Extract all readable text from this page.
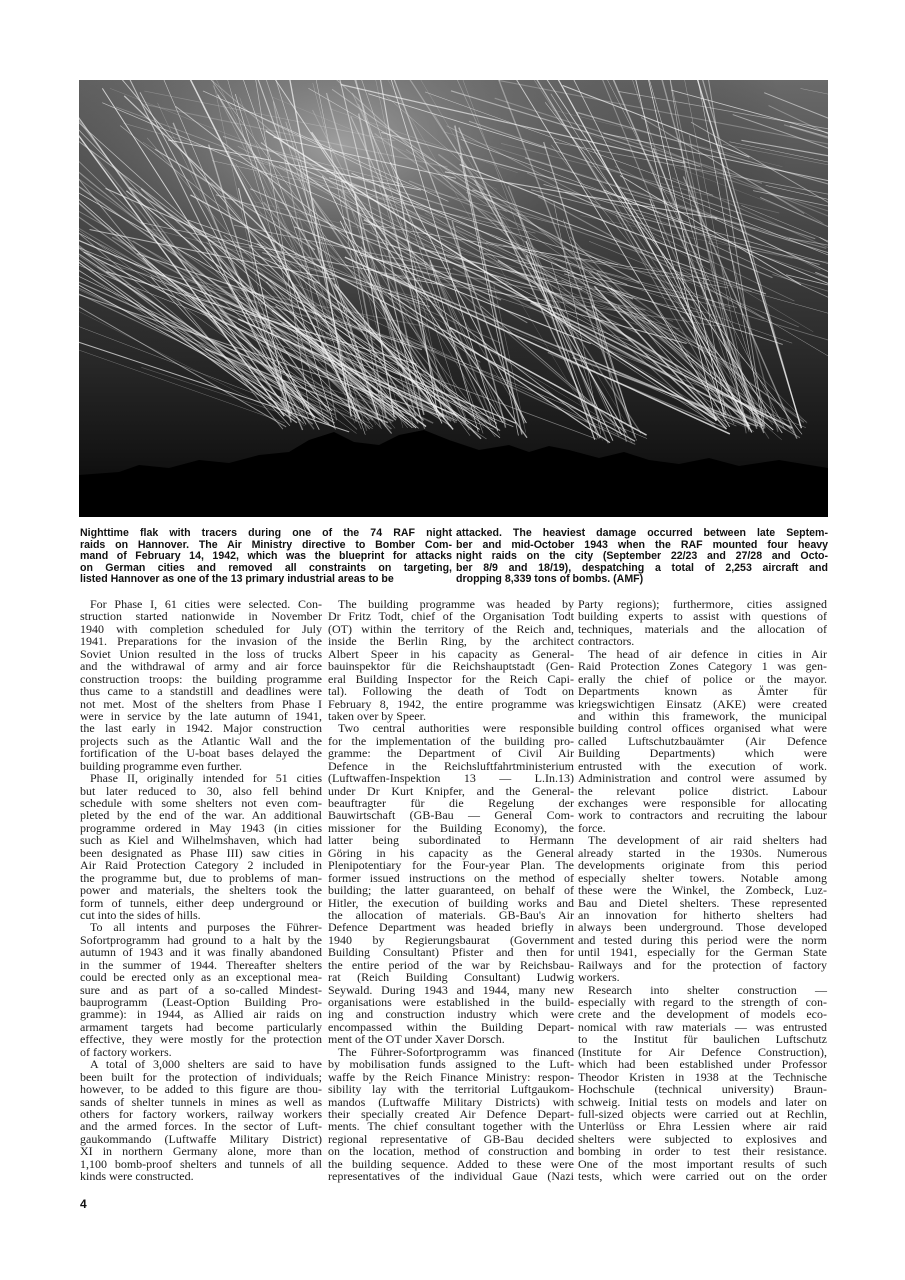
Nighttime flak with tracers during one of the 74 RAF night
raids on Hannover. The Air Ministry directive to Bomber Com-
mand of February 14, 1942, which was the blueprint for attacks
on German cities and removed all constraints on targeting,
listed Hannover as one of the 13 primary industrial areas to be
attacked. The heaviest damage occurred between late Septem-
ber and mid-October 1943 when the RAF mounted four heavy
night raids on the city (September 22/23 and 27/28 and Octo-
ber 8/9 and 18/19), despatching a total of 2,253 aircraft and
dropping 8,339 tons of bombs. (AMF)
For Phase I, 61 cities were selected. Con-
struction started nationwide in November
1940 with completion scheduled for July
1941. Preparations for the invasion of the
Soviet Union resulted in the loss of trucks
and the withdrawal of army and air force
construction troops: the building programme
thus came to a standstill and deadlines were
not met. Most of the shelters from Phase I
were in service by the late autumn of 1941,
the last early in 1942. Major construction
projects such as the Atlantic Wall and the
fortification of the U-boat bases delayed the
building programme even further.
Phase II, originally intended for 51 cities
but later reduced to 30, also fell behind
schedule with some shelters not even com-
pleted by the end of the war. An additional
programme ordered in May 1943 (in cities
such as Kiel and Wilhelmshaven, which had
been designated as Phase III) saw cities in
Air Raid Protection Category 2 included in
the programme but, due to problems of man-
power and materials, the shelters took the
form of tunnels, either deep underground or
cut into the sides of hills.
To all intents and purposes the Führer-
Sofortprogramm had ground to a halt by the
autumn of 1943 and it was finally abandoned
in the summer of 1944. Thereafter shelters
could be erected only as an exceptional mea-
sure and as part of a so-called Mindest-
bauprogramm (Least-Option Building Pro-
gramme): in 1944, as Allied air raids on
armament targets had become particularly
effective, they were mostly for the protection
of factory workers.
A total of 3,000 shelters are said to have
been built for the protection of individuals;
however, to be added to this figure are thou-
sands of shelter tunnels in mines as well as
others for factory workers, railway workers
and the armed forces. In the sector of Luft-
gaukommando (Luftwaffe Military District)
XI in northern Germany alone, more than
1,100 bomb-proof shelters and tunnels of all
kinds were constructed.
The building programme was headed by
Dr Fritz Todt, chief of the Organisation Todt
(OT) within the territory of the Reich and,
inside the Berlin Ring, by the architect
Albert Speer in his capacity as General-
bauinspektor für die Reichshauptstadt (Gen-
eral Building Inspector for the Reich Capi-
tal). Following the death of Todt on
February 8, 1942, the entire programme was
taken over by Speer.
Two central authorities were responsible
for the implementation of the building pro-
gramme: the Department of Civil Air
Defence in the Reichsluftfahrtministerium
(Luftwaffen-Inspektion 13 — L.In.13)
under Dr Kurt Knipfer, and the General-
beauftragter für die Regelung der
Bauwirtschaft (GB-Bau — General Com-
missioner for the Building Economy), the
latter being subordinated to Hermann
Göring in his capacity as the General
Plenipotentiary for the Four-year Plan. The
former issued instructions on the method of
building; the latter guaranteed, on behalf of
Hitler, the execution of building works and
the allocation of materials. GB-Bau's Air
Defence Department was headed briefly in
1940 by Regierungsbaurat (Government
Building Consultant) Pfister and then for
the entire period of the war by Reichsbau-
rat (Reich Building Consultant) Ludwig
Seywald. During 1943 and 1944, many new
organisations were established in the build-
ing and construction industry which were
encompassed within the Building Depart-
ment of the OT under Xaver Dorsch.
The Führer-Sofortprogramm was financed
by mobilisation funds assigned to the Luft-
waffe by the Reich Finance Ministry: respon-
sibility lay with the territorial Luftgaukom-
mandos (Luftwaffe Military Districts) with
their specially created Air Defence Depart-
ments. The chief consultant together with the
regional representative of GB-Bau decided
on the location, method of construction and
the building sequence. Added to these were
representatives of the individual Gaue (Nazi
Party regions); furthermore, cities assigned
building experts to assist with questions of
techniques, materials and the allocation of
contractors.
The head of air defence in cities in Air
Raid Protection Zones Category 1 was gen-
erally the chief of police or the mayor.
Departments known as Ämter für
kriegswichtigen Einsatz (AKE) were created
and within this framework, the municipal
building control offices organised what were
called Luftschutzbauämter (Air Defence
Building Departments) which were
entrusted with the execution of work.
Administration and control were assumed by
the relevant police district. Labour
exchanges were responsible for allocating
work to contractors and recruiting the labour
force.
The development of air raid shelters had
already started in the 1930s. Numerous
developments originate from this period
especially shelter towers. Notable among
these were the Winkel, the Zombeck, Luz-
Bau and Dietel shelters. These represented
an innovation for hitherto shelters had
always been underground. Those developed
and tested during this period were the norm
until 1941, especially for the German State
Railways and for the protection of factory
workers.
Research into shelter construction —
especially with regard to the strength of con-
crete and the development of models eco-
nomical with raw materials — was entrusted
to the Institut für baulichen Luftschutz
(Institute for Air Defence Construction),
which had been established under Professor
Theodor Kristen in 1938 at the Technische
Hochschule (technical university) Braun-
schweig. Initial tests on models and later on
full-sized objects were carried out at Rechlin,
Unterlüss or Ehra Lessien where air raid
shelters were subjected to explosives and
bombing in order to test their resistance.
One of the most important results of such
tests, which were carried out on the order
4
